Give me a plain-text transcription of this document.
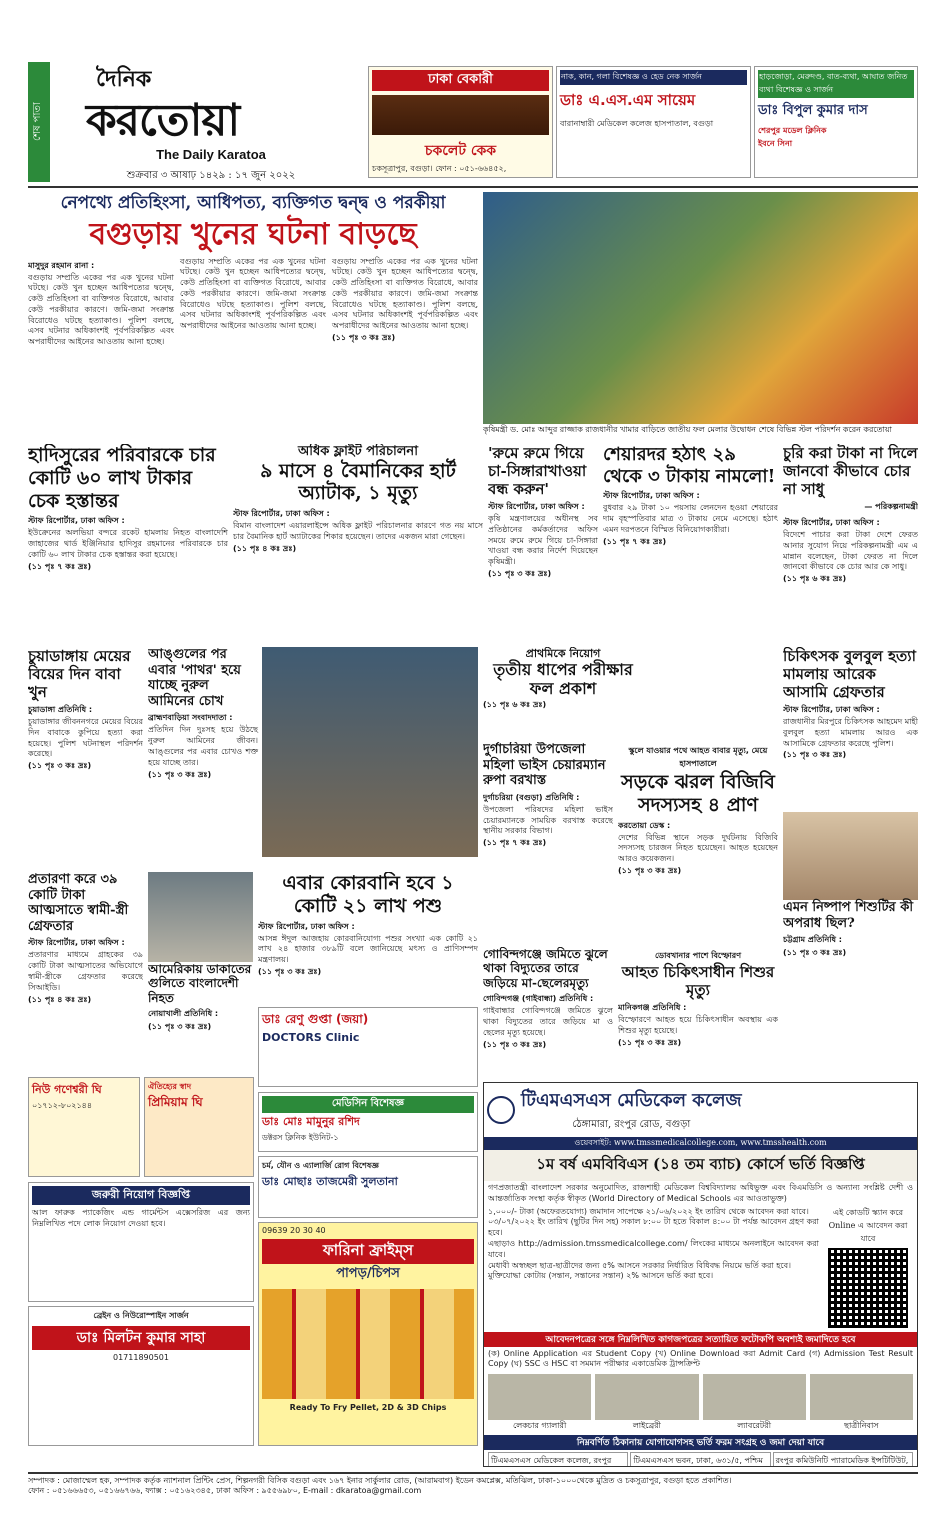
শেষ পাতা
দৈনিক
করতোয়া
The Daily Karatoa
শুক্রবার ৩ আষাঢ় ১৪২৯ : ১৭ জুন ২০২২
ঢাকা বেকারী
চকলেট কেক
চকসূত্রাপুর, বগুড়া। ফোন : ০৫১-৬৬৪৫২,
নাক, কান, গলা বিশেষজ্ঞ ও হেড নেক সার্জন
ডাঃ এ.এস.এম সায়েম
বারানাম্বারী মেডিকেল কলেজ হাসপাতাল, বগুড়া
হাড়জোড়া, মেরুদণ্ড, বাত-ব্যথা, আঘাত জনিত ব্যথা বিশেষজ্ঞ ও সার্জন
ডাঃ বিপুল কুমার দাস
শেরপুর মডেল ক্লিনিক
ইবনে সিনা
নেপথ্যে প্রতিহিংসা, আধিপত্য, ব্যক্তিগত দ্বন্দ্ব ও পরকীয়া
বগুড়ায় খুনের ঘটনা বাড়ছে
মাসুদুর রহমান রানা :
বগুড়ায় সম্প্রতি একের পর এক খুনের ঘটনা ঘটছে। কেউ খুন হচ্ছেন আধিপত্যের দ্বন্দ্বে, কেউ প্রতিহিংসা বা ব্যক্তিগত বিরোধে, আবার কেউ পরকীয়ার কারণে। জমি-জমা সংক্রান্ত বিরোধেও ঘটছে হত্যাকাণ্ড। পুলিশ বলছে, এসব ঘটনার অধিকাংশই পূর্বপরিকল্পিত এবং অপরাধীদের আইনের আওতায় আনা হচ্ছে।
বগুড়ায় সম্প্রতি একের পর এক খুনের ঘটনা ঘটছে। কেউ খুন হচ্ছেন আধিপত্যের দ্বন্দ্বে, কেউ প্রতিহিংসা বা ব্যক্তিগত বিরোধে, আবার কেউ পরকীয়ার কারণে। জমি-জমা সংক্রান্ত বিরোধেও ঘটছে হত্যাকাণ্ড। পুলিশ বলছে, এসব ঘটনার অধিকাংশই পূর্বপরিকল্পিত এবং অপরাধীদের আইনের আওতায় আনা হচ্ছে।
বগুড়ায় সম্প্রতি একের পর এক খুনের ঘটনা ঘটছে। কেউ খুন হচ্ছেন আধিপত্যের দ্বন্দ্বে, কেউ প্রতিহিংসা বা ব্যক্তিগত বিরোধে, আবার কেউ পরকীয়ার কারণে। জমি-জমা সংক্রান্ত বিরোধেও ঘটছে হত্যাকাণ্ড। পুলিশ বলছে, এসব ঘটনার অধিকাংশই পূর্বপরিকল্পিত এবং অপরাধীদের আইনের আওতায় আনা হচ্ছে।
(১১ পৃঃ ৩ কঃ দ্রঃ)
কৃষিমন্ত্রী ড. মোঃ আব্দুর রাজ্জাক রাজধানীর খামার বাড়িতে জাতীয় ফল মেলার উদ্বোধন শেষে বিভিন্ন স্টল পরিদর্শন করেন করতোয়া
হাদিসুরের পরিবারকে চার কোটি ৬০ লাখ টাকার চেক হস্তান্তর
স্টাফ রিপোর্টার, ঢাকা অফিস :
ইউক্রেনের অলভিয়া বন্দরে রকেট হামলায় নিহত বাংলাদেশি জাহাজের থার্ড ইঞ্জিনিয়ার হাদিসুর রহমানের পরিবারকে চার কোটি ৬০ লাখ টাকার চেক হস্তান্তর করা হয়েছে।
(১১ পৃঃ ৭ কঃ দ্রঃ)
অধিক ফ্লাইট পরিচালনা
৯ মাসে ৪ বৈমানিকের হার্ট অ্যাটাক, ১ মৃত্যু
স্টাফ রিপোর্টার, ঢাকা অফিস :
বিমান বাংলাদেশ এয়ারলাইন্সে অধিক ফ্লাইট পরিচালনার কারণে গত নয় মাসে চার বৈমানিক হার্ট অ্যাটাকের শিকার হয়েছেন। তাদের একজন মারা গেছেন।
(১১ পৃঃ ৪ কঃ দ্রঃ)
'রুমে রুমে গিয়ে চা-সিঙ্গারাখাওয়া বন্ধ করুন'
স্টাফ রিপোর্টার, ঢাকা অফিস :
কৃষি মন্ত্রণালয়ের অধীনস্থ সব প্রতিষ্ঠানের কর্মকর্তাদের অফিস সময়ে রুমে রুমে গিয়ে চা-সিঙ্গারা খাওয়া বন্ধ করার নির্দেশ দিয়েছেন কৃষিমন্ত্রী।
(১১ পৃঃ ৩ কঃ দ্রঃ)
শেয়ারদর হঠাৎ ২৯ থেকে ৩ টাকায় নামলো!
স্টাফ রিপোর্টার, ঢাকা অফিস :
বুধবার ২৯ টাকা ১০ পয়সায় লেনদেন হওয়া শেয়ারের দাম বৃহস্পতিবার মাত্র ৩ টাকায় নেমে এসেছে। হঠাৎ এমন দরপতনে বিস্মিত বিনিয়োগকারীরা।
(১১ পৃঃ ৭ কঃ দ্রঃ)
চুরি করা টাকা না দিলে জানবো কীভাবে চোর না সাধু
— পরিকল্পনামন্ত্রী
স্টাফ রিপোর্টার, ঢাকা অফিস :
বিদেশে পাচার করা টাকা দেশে ফেরত আনার সুযোগ নিয়ে পরিকল্পনামন্ত্রী এম এ মান্নান বলেছেন, টাকা ফেরত না দিলে জানবো কীভাবে কে চোর আর কে সাধু।
(১১ পৃঃ ৬ কঃ দ্রঃ)
চুয়াডাঙ্গায় মেয়ের বিয়ের দিন বাবা খুন
চুয়াডাঙ্গা প্রতিনিধি :
চুয়াডাঙ্গার জীবননগরে মেয়ের বিয়ের দিন বাবাকে কুপিয়ে হত্যা করা হয়েছে। পুলিশ ঘটনাস্থল পরিদর্শন করেছে।
(১১ পৃঃ ৩ কঃ দ্রঃ)
আঙ্গুলের পর এবার 'পাথর' হয়ে যাচ্ছে নুরুল আমিনের চোখ
ব্রাহ্মণবাড়িয়া সংবাদদাতা :
প্রতিদিন দিন দুঃসহ হয়ে উঠছে নুরুল আমিনের জীবন। আঙ্গুলের পর এবার চোখও শক্ত হয়ে যাচ্ছে তার।
(১১ পৃঃ ৩ কঃ দ্রঃ)
প্রাথমিকে নিয়োগ
তৃতীয় ধাপের পরীক্ষার ফল প্রকাশ
(১১ পৃঃ ৬ কঃ দ্রঃ)
দুর্গাচরিয়া উপজেলা মহিলা ভাইস চেয়ারম্যান রুপা বরখাস্ত
দুর্গাচরিয়া (বগুড়া) প্রতিনিধি :
উপজেলা পরিষদের মহিলা ভাইস চেয়ারম্যানকে সাময়িক বরখাস্ত করেছে স্থানীয় সরকার বিভাগ।
(১১ পৃঃ ৭ কঃ দ্রঃ)
স্কুলে যাওয়ার পথে আহত বাবার মৃত্যু, মেয়ে হাসপাতালে
সড়কে ঝরল বিজিবি সদস্যসহ ৪ প্রাণ
করতোয়া ডেস্ক :
দেশের বিভিন্ন স্থানে সড়ক দুর্ঘটনায় বিজিবি সদস্যসহ চারজন নিহত হয়েছেন। আহত হয়েছেন আরও কয়েকজন।
(১১ পৃঃ ৩ কঃ দ্রঃ)
চিকিৎসক বুলবুল হত্যা মামলায় আরেক আসামি গ্রেফতার
স্টাফ রিপোর্টার, ঢাকা অফিস :
রাজধানীর মিরপুরে চিকিৎসক আহমেদ মাহী বুলবুল হত্যা মামলায় আরও এক আসামিকে গ্রেফতার করেছে পুলিশ।
(১১ পৃঃ ৩ কঃ দ্রঃ)
এমন নিষ্পাপ শিশুটির কী অপরাধ ছিল?
চট্টগ্রাম প্রতিনিধি :
(১১ পৃঃ ৩ কঃ দ্রঃ)
প্রতারণা করে ৩৯ কোটি টাকা আত্মসাতে স্বামী-স্ত্রী গ্রেফতার
স্টাফ রিপোর্টার, ঢাকা অফিস :
প্রতারণার মাধ্যমে গ্রাহকের ৩৯ কোটি টাকা আত্মসাতের অভিযোগে স্বামী-স্ত্রীকে গ্রেফতার করেছে সিআইডি।
(১১ পৃঃ ৪ কঃ দ্রঃ)
আমেরিকায় ডাকাতের গুলিতে বাংলাদেশী নিহত
নোয়াখালী প্রতিনিধি :
(১১ পৃঃ ৩ কঃ দ্রঃ)
এবার কোরবানি হবে ১ কোটি ২১ লাখ পশু
স্টাফ রিপোর্টার, ঢাকা অফিস :
আসন্ন ঈদুল আজহায় কোরবানিযোগ্য পশুর সংখ্যা এক কোটি ২১ লাখ ২৪ হাজার ৩৮৯টি বলে জানিয়েছে মৎস্য ও প্রাণিসম্পদ মন্ত্রণালয়।
(১১ পৃঃ ৩ কঃ দ্রঃ)
গোবিন্দগঞ্জে জমিতে ঝুলে থাকা বিদ্যুতের তারে জড়িয়ে মা-ছেলেরমৃত্যু
গোবিন্দগঞ্জ (গাইবান্ধা) প্রতিনিধি :
গাইবান্ধার গোবিন্দগঞ্জে জমিতে ঝুলে থাকা বিদ্যুতের তারে জড়িয়ে মা ও ছেলের মৃত্যু হয়েছে।
(১১ পৃঃ ৩ কঃ দ্রঃ)
ডোবখানার পাশে বিস্ফোরণ
আহত চিকিৎসাধীন শিশুর মৃত্যু
মানিকগঞ্জ প্রতিনিধি :
বিস্ফোরণে আহত হয়ে চিকিৎসাধীন অবস্থায় এক শিশুর মৃত্যু হয়েছে।
(১১ পৃঃ ৩ কঃ দ্রঃ)
নিউ গণেশ্বরী ঘি
০১৭১২-৮০২১৪৪
ঐতিহ্যের স্বাদ
প্রিমিয়াম ঘি
জরুরী নিয়োগ বিজ্ঞপ্তি
আল ফারুক প্যাকেজিং এন্ড গার্মেন্টস এক্সেসরিজ এর জন্য নিম্নলিখিত পদে লোক নিয়োগ দেওয়া হবে।
ব্রেইন ও নিউরোস্পাইন সার্জন
ডাঃ মিলটন কুমার সাহা
01711890501
ডাঃ রেণু গুপ্তা (জয়া)
DOCTORS Clinic
মেডিসিন বিশেষজ্ঞ
ডাঃ মোঃ মামুনুর রশিদ
ডক্টরস ক্লিনিক ইউনিট-১
চর্ম, যৌন ও এ্যালার্জি রোগ বিশেষজ্ঞ
ডাঃ মোছাঃ তাজমেরী সুলতানা
09639 20 30 40
ফারিনা ফ্রাইম্স
পাপড়/চিপস
Ready To Fry Pellet, 2D & 3D Chips
টিএমএসএস মেডিকেল কলেজ
ঠেঙ্গামারা, রংপুর রোড, বগুড়া
ওয়েবসাইট: www.tmssmedicalcollege.com, www.tmsshealth.com
১ম বর্ষ এমবিবিএস (১৪ তম ব্যাচ) কোর্সে ভর্তি বিজ্ঞপ্তি
গণপ্রজাতন্ত্রী বাংলাদেশ সরকার অনুমোদিত, রাজশাহী মেডিকেল বিশ্ববিদ্যালয় অধিভুক্ত এবং বিএমডিসি ও অন্যান্য সংশ্লিষ্ট দেশী ও আন্তর্জাতিক সংস্থা কর্তৃক স্বীকৃত (World Directory of Medical Schools এর আওতাভুক্ত)
১,০০০/- টাকা (অফেরতযোগ্য) জমাদান সাপেক্ষে ২১/০৬/২০২২ ইং তারিখ থেকে আবেদন করা যাবে।
০৩/০৭/২০২২ ইং তারিখ (ছুটির দিন সহ) সকাল ৮:০০ টা হতে বিকাল ৪:০০ টা পর্যন্ত আবেদন গ্রহণ করা হবে।
এছাড়াও http://admission.tmssmedicalcollege.com/ লিংকের মাধ্যমে অনলাইনে আবেদন করা যাবে।
মেধাবী অস্বচ্ছল ছাত্র-ছাত্রীদের জন্য ৫% আসনে সরকার নির্ধারিত বিধিবদ্ধ নিয়মে ভর্তি করা হবে।
মুক্তিযোদ্ধা কোটায় (সন্তান, সন্তানের সন্তান) ২% আসনে ভর্তি করা হবে।
এই কোডটি স্ক্যান করে Online এ আবেদন করা যাবে
আবেদনপত্রের সঙ্গে নিম্নলিখিত কাগজপত্রের সত্যায়িত ফটোকপি অবশ্যই জমাদিতে হবে
(ক) Online Application এর Student Copy (খ) Online Download করা Admit Card (গ) Admission Test Result Copy (ঘ) SSC ও HSC বা সমমান পরীক্ষার একাডেমিক ট্রান্সক্রিপ্ট
লেকচার গ্যালারী	লাইব্রেরী	ল্যাবরেটরী	ছাত্রীনিবাস
নিম্নবর্ণিত ঠিকানায় যোগাযোগসহ ভর্তি ফরম সংগ্রহ ও জমা দেয়া যাবে
টিএমএসএস মেডিকেল কলেজ, রংপুর	টিএমএসএস ভবন, ঢাকা, ৬৩১/৫, পশ্চিম	রংপুর কমিউনিটি প্যারামেডিক ইন্সটিটিউট,
সম্পাদক : মোজাম্মেল হক, সম্পাদক কর্তৃক ন্যাশনাল প্রিন্টিং প্রেস, শিল্পনগরী বিসিক বগুড়া এবং ১৬৭ ইনার সার্কুলার রোড, (আরামবাগ) ইডেন কমপ্লেক্স, মতিঝিল, ঢাকা-১০০০থেকে মুদ্রিত ও চকসুত্রাপুর, বগুড়া হতে প্রকাশিত।
ফোন : ০৫১৬৬৬৫৩, ০৫১৬৬৭৬৬, ফ্যাক্স : ০৫১৬২৩৪৫, ঢাকা অফিস : ৯৫৫৬৯৮০, E-mail : dkaratoa@gmail.com
